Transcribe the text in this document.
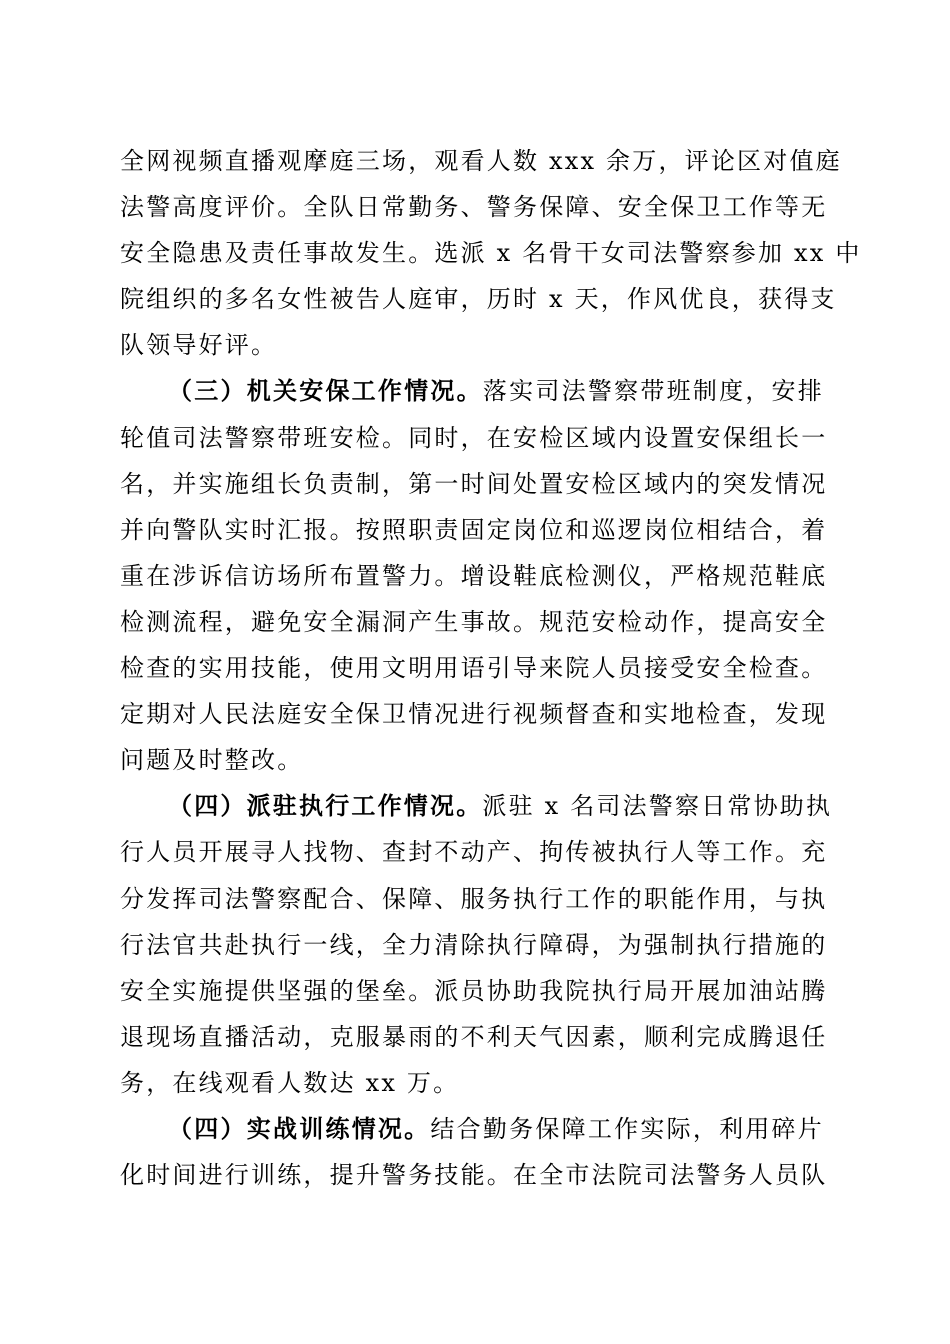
全网视频直播观摩庭三场，观看人数 xxx 余万，评论区对值庭
法警高度评价。全队日常勤务、警务保障、安全保卫工作等无
安全隐患及责任事故发生。选派 x 名骨干女司法警察参加 xx 中
院组织的多名女性被告人庭审，历时 x 天，作风优良，获得支
队领导好评。
（三）机关安保工作情况。落实司法警察带班制度，安排
轮值司法警察带班安检。同时，在安检区域内设置安保组长一
名，并实施组长负责制，第一时间处置安检区域内的突发情况
并向警队实时汇报。按照职责固定岗位和巡逻岗位相结合，着
重在涉诉信访场所布置警力。增设鞋底检测仪，严格规范鞋底
检测流程，避免安全漏洞产生事故。规范安检动作，提高安全
检查的实用技能，使用文明用语引导来院人员接受安全检查。
定期对人民法庭安全保卫情况进行视频督查和实地检查，发现
问题及时整改。
（四）派驻执行工作情况。派驻 x 名司法警察日常协助执
行人员开展寻人找物、查封不动产、拘传被执行人等工作。充
分发挥司法警察配合、保障、服务执行工作的职能作用，与执
行法官共赴执行一线，全力清除执行障碍，为强制执行措施的
安全实施提供坚强的堡垒。派员协助我院执行局开展加油站腾
退现场直播活动，克服暴雨的不利天气因素，顺利完成腾退任
务，在线观看人数达 xx 万。
（四）实战训练情况。结合勤务保障工作实际，利用碎片
化时间进行训练，提升警务技能。在全市法院司法警务人员队
